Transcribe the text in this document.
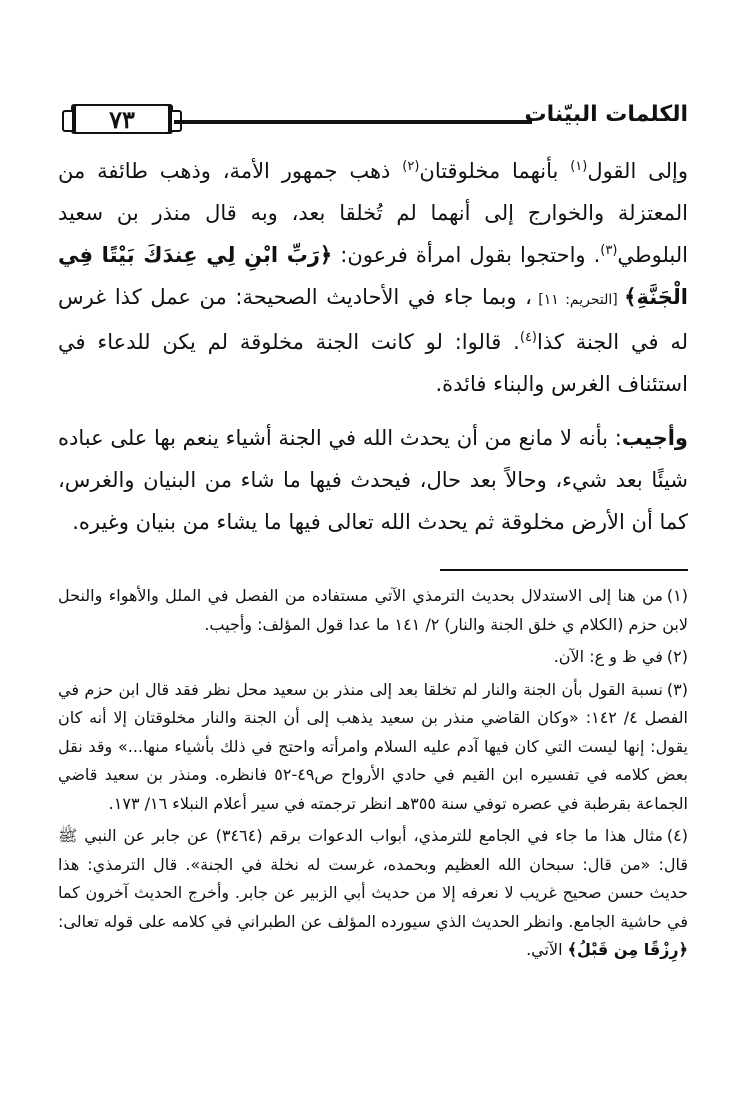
٧٣	الكلمات البيّنات

وإلى القول$^{(١)}$ بأنهما مخلوقتان$^{(٢)}$ ذهب جمهور الأمة، وذهب طائفة من المعتزلة والخوارج إلى أنهما لم تُخلقا بعد، وبه قال منذر بن سعيد البلوطي$^{(٣)}$. واحتجوا بقول امرأة فرعون: ﴿رَبِّ ابْنِ لِي عِندَكَ بَيْتًا فِي الْجَنَّةِ﴾ [التحريم: ١١] ، وبما جاء في الأحاديث الصحيحة: من عمل كذا غرس له في الجنة كذا$^{(٤)}$. قالوا: لو كانت الجنة مخلوقة لم يكن للدعاء في استئناف الغرس والبناء فائدة.

وأجيب: بأنه لا مانع من أن يحدث الله في الجنة أشياء ينعم بها على عباده شيئًا بعد شيء، وحالاً بعد حال، فيحدث فيها ما شاء من البنيان والغرس، كما أن الأرض مخلوقة ثم يحدث الله تعالى فيها ما يشاء من بنيان وغيره.

(١)من هنا إلى الاستدلال بحديث الترمذي الآتي مستفاده من الفصل في الملل والأهواء والنحل لابن حزم (الكلام ي خلق الجنة والنار) ٢/ ١٤١ ما عدا قول المؤلف: وأجيب.

(٢)في ظ و ع: الآن.

(٣)نسبة القول بأن الجنة والنار لم تخلقا بعد إلى منذر بن سعيد محل نظر فقد قال ابن حزم في الفصل ٤/ ١٤٢: «وكان القاضي منذر بن سعيد يذهب إلى أن الجنة والنار مخلوقتان إلا أنه كان يقول: إنها ليست التي كان فيها آدم عليه السلام وامرأته واحتج في ذلك بأشياء منها...» وقد نقل بعض كلامه في تفسيره ابن القيم في حادي الأرواح ص٤٩-٥٢ فانظره. ومنذر بن سعيد قاضي الجماعة بقرطبة في عصره توفي سنة ٣٥٥هـ انظر ترجمته في سير أعلام النبلاء ١٦/ ١٧٣.

(٤)مثال هذا ما جاء في الجامع للترمذي، أبواب الدعوات برقم (٣٤٦٤) عن جابر عن النبي ﷺ قال: «من قال: سبحان الله العظيم وبحمده، غرست له نخلة في الجنة». قال الترمذي: هذا حديث حسن صحيح غريب لا نعرفه إلا من حديث أبي الزبير عن جابر. وأخرج الحديث آخرون كما في حاشية الجامع. وانظر الحديث الذي سيورده المؤلف عن الطبراني في كلامه على قوله تعالى: ﴿رِزْقًا مِن قَبْلُ﴾ الآتي.
